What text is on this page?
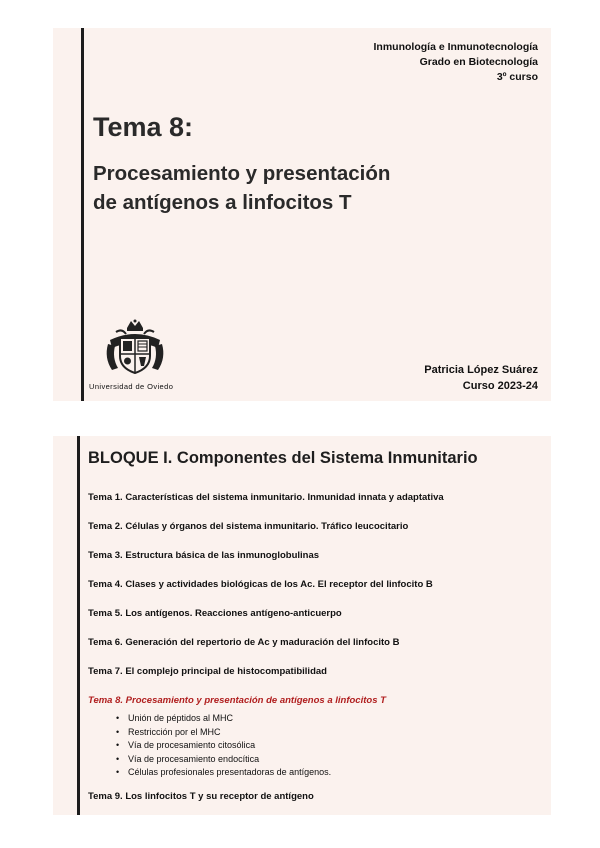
Inmunología e Inmunotecnología
Grado en Biotecnología
3º curso
Tema 8:
Procesamiento y presentación
de antígenos a linfocitos T
Universidad de Oviedo
Patricia López Suárez
Curso 2023-24
BLOQUE I. Componentes del Sistema Inmunitario
Tema 1. Características del sistema inmunitario. Inmunidad innata y adaptativa
Tema 2. Células y órganos del sistema inmunitario. Tráfico leucocitario
Tema 3. Estructura básica de las inmunoglobulinas
Tema 4. Clases y actividades biológicas de los Ac. El receptor del linfocito B
Tema 5. Los antígenos. Reacciones antígeno-anticuerpo
Tema 6. Generación del repertorio de Ac y maduración del linfocito B
Tema 7. El complejo principal de histocompatibilidad
Tema 8. Procesamiento y presentación de antígenos a linfocitos T
• Unión de péptidos al MHC
• Restricción por el MHC
• Vía de procesamiento citosólica
• Vía de procesamiento endocítica
• Células profesionales presentadoras de antígenos.
Tema 9. Los linfocitos T y su receptor de antígeno
